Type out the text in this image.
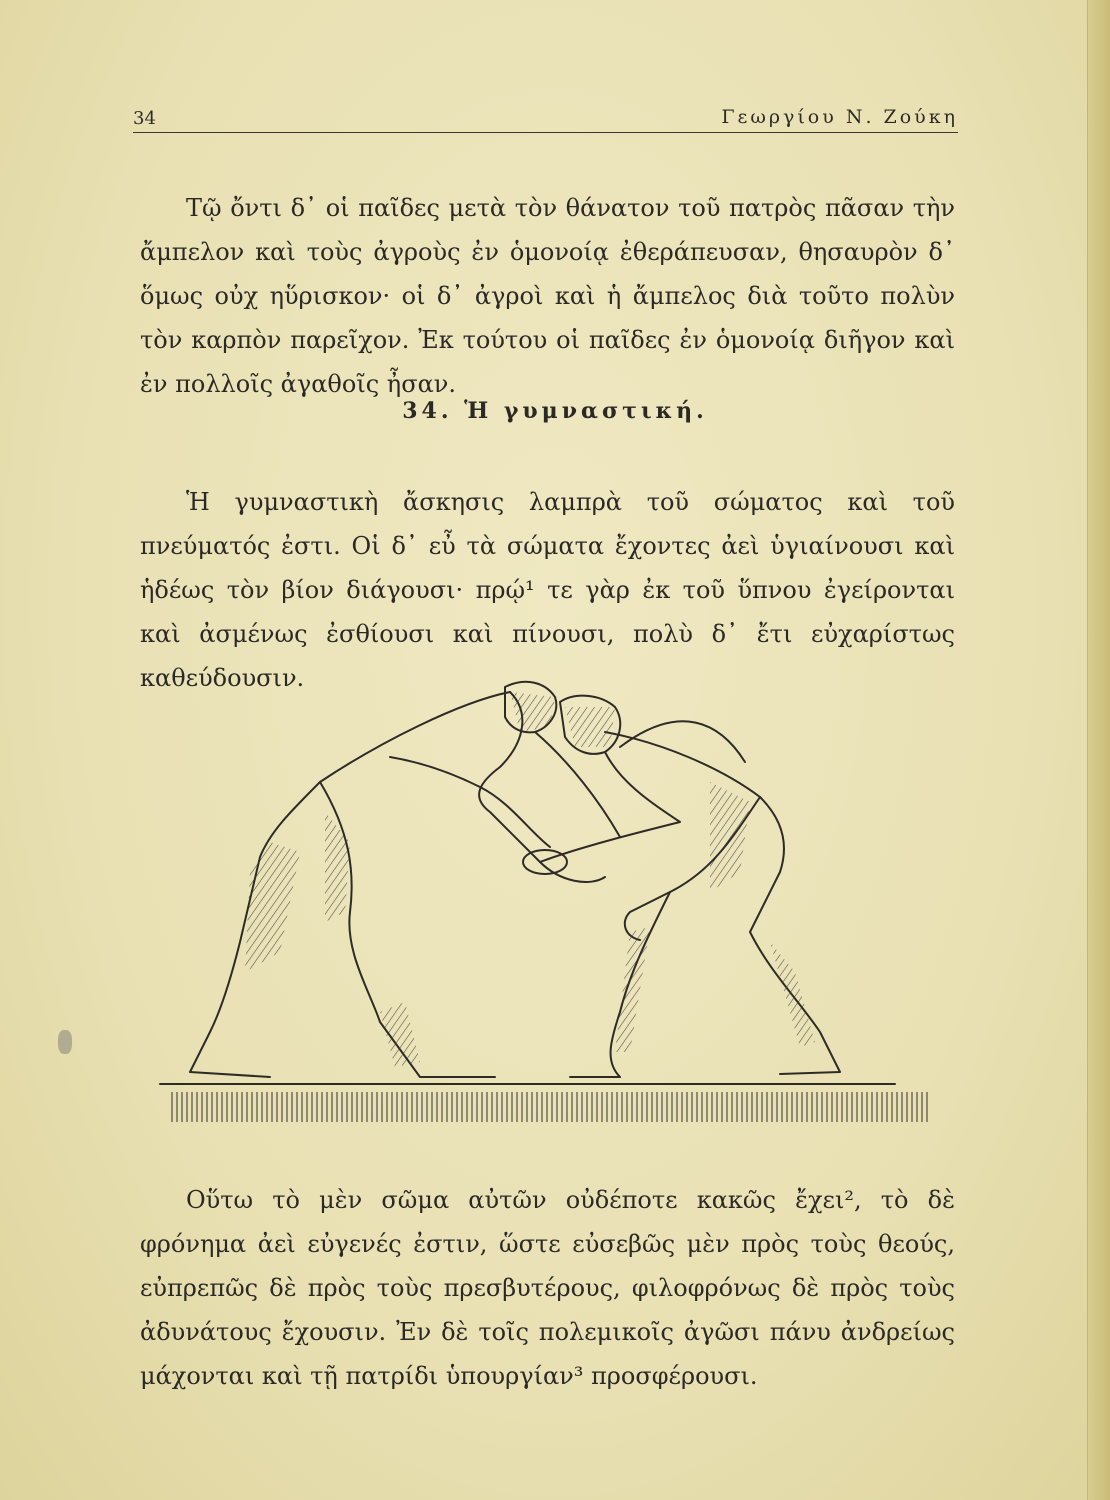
34	Γεωργίου Ν. Ζούκη

Τῷ ὄντι δ᾿ οἱ παῖδες μετὰ τὸν θάνατον τοῦ πατρὸς πᾶσαν τὴν ἄμπελον καὶ τοὺς ἀγροὺς ἐν ὁμονοίᾳ ἐθεράπευσαν, θησαυρὸν δ᾿ ὅμως οὐχ ηὕρισκον· οἱ δ᾿ ἀγροὶ καὶ ἡ ἄμπελος διὰ τοῦτο πολὺν τὸν καρπὸν παρεῖχον. Ἐκ τούτου οἱ παῖδες ἐν ὁμονοίᾳ διῆγον καὶ ἐν πολλοῖς ἀγαθοῖς ἦσαν.

34. Ἡ γυμναστική.

Ἡ γυμναστικὴ ἄσκησις λαμπρὰ τοῦ σώματος καὶ τοῦ πνεύματός ἐστι. Οἱ δ᾿ εὖ τὰ σώματα ἔχοντες ἀεὶ ὑγιαίνουσι καὶ ἡδέως τὸν βίον διάγουσι· πρῴ¹ τε γὰρ ἐκ τοῦ ὕπνου ἐγείρονται καὶ ἀσμένως ἐσθίουσι καὶ πίνουσι, πολὺ δ᾿ ἔτι εὐχαρίστως καθεύδουσιν.

Οὕτω τὸ μὲν σῶμα αὐτῶν οὐδέποτε κακῶς ἔχει², τὸ δὲ φρόνημα ἀεὶ εὐγενές ἐστιν, ὥστε εὐσεβῶς μὲν πρὸς τοὺς θεούς, εὐπρεπῶς δὲ πρὸς τοὺς πρεσβυτέρους, φιλοφρόνως δὲ πρὸς τοὺς ἀδυνάτους ἔχουσιν. Ἐν δὲ τοῖς πολεμικοῖς ἀγῶσι πάνυ ἀνδρείως μάχονται καὶ τῇ πατρίδι ὑπουργίαν³ προσφέρουσι.
